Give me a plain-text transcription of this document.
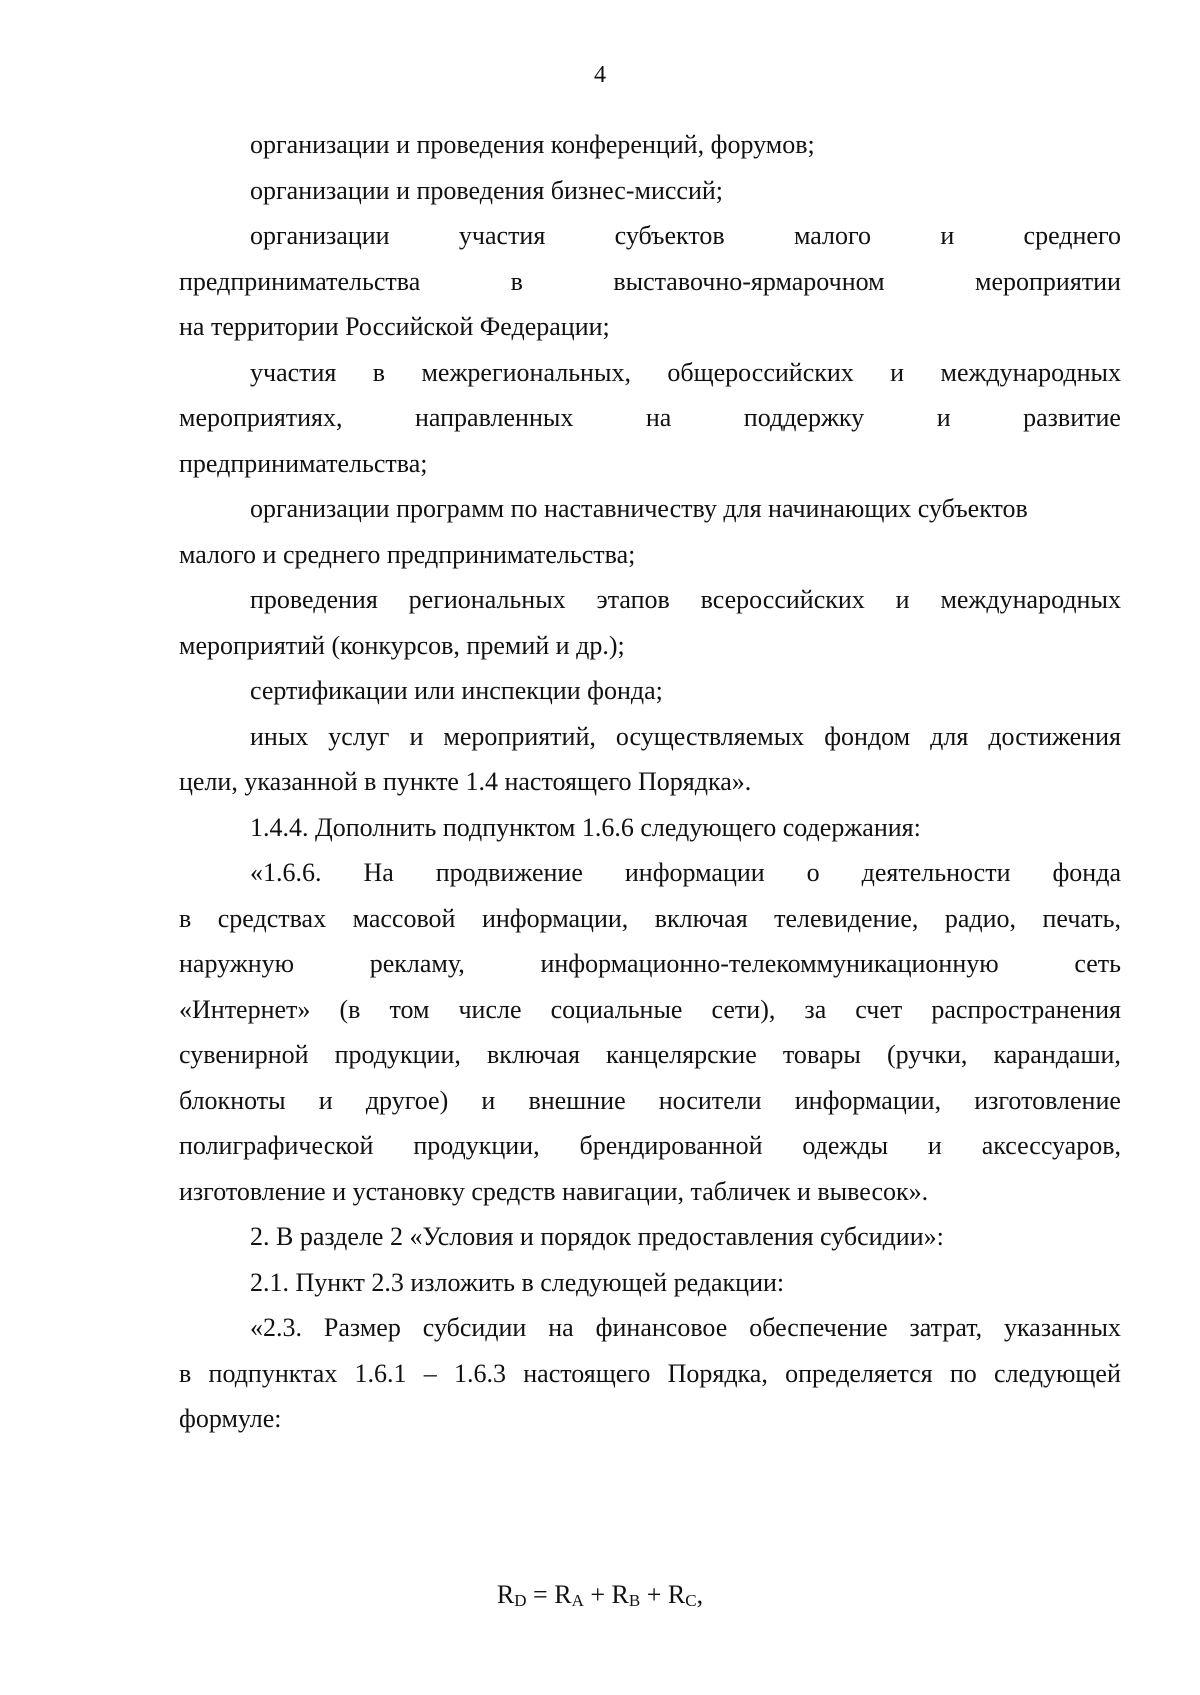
4
организации и проведения конференций, форумов;
организации и проведения бизнес-миссий;
организации	участия	субъектов	малого	и	среднего
предпринимательства	в	выставочно-ярмарочном	мероприятии
на территории Российской Федерации;
участия в межрегиональных, общероссийских и международных
мероприятиях,	направленных	на	поддержку	и	развитие
предпринимательства;
организации программ по наставничеству для начинающих субъектов
малого и среднего предпринимательства;
проведения региональных этапов всероссийских и международных
мероприятий (конкурсов, премий и др.);
сертификации или инспекции фонда;
иных услуг и мероприятий, осуществляемых фондом для достижения
цели, указанной в пункте 1.4 настоящего Порядка».
1.4.4. Дополнить подпунктом 1.6.6 следующего содержания:
«1.6.6. На продвижение информации о деятельности фонда
в средствах массовой информации, включая телевидение, радио, печать,
наружную	рекламу,	информационно-телекоммуникационную	сеть
«Интернет» (в том числе социальные сети), за счет распространения
сувенирной продукции, включая канцелярские товары (ручки, карандаши,
блокноты и другое) и внешние носители информации, изготовление
полиграфической продукции, брендированной одежды и аксессуаров,
изготовление и установку средств навигации, табличек и вывесок».
2. В разделе 2 «Условия и порядок предоставления субсидии»:
2.1. Пункт 2.3 изложить в следующей редакции:
«2.3. Размер субсидии на финансовое обеспечение затрат, указанных
в подпунктах 1.6.1 – 1.6.3 настоящего Порядка, определяется по следующей
формуле:
$R_D = R_A + R_B + R_C$,
